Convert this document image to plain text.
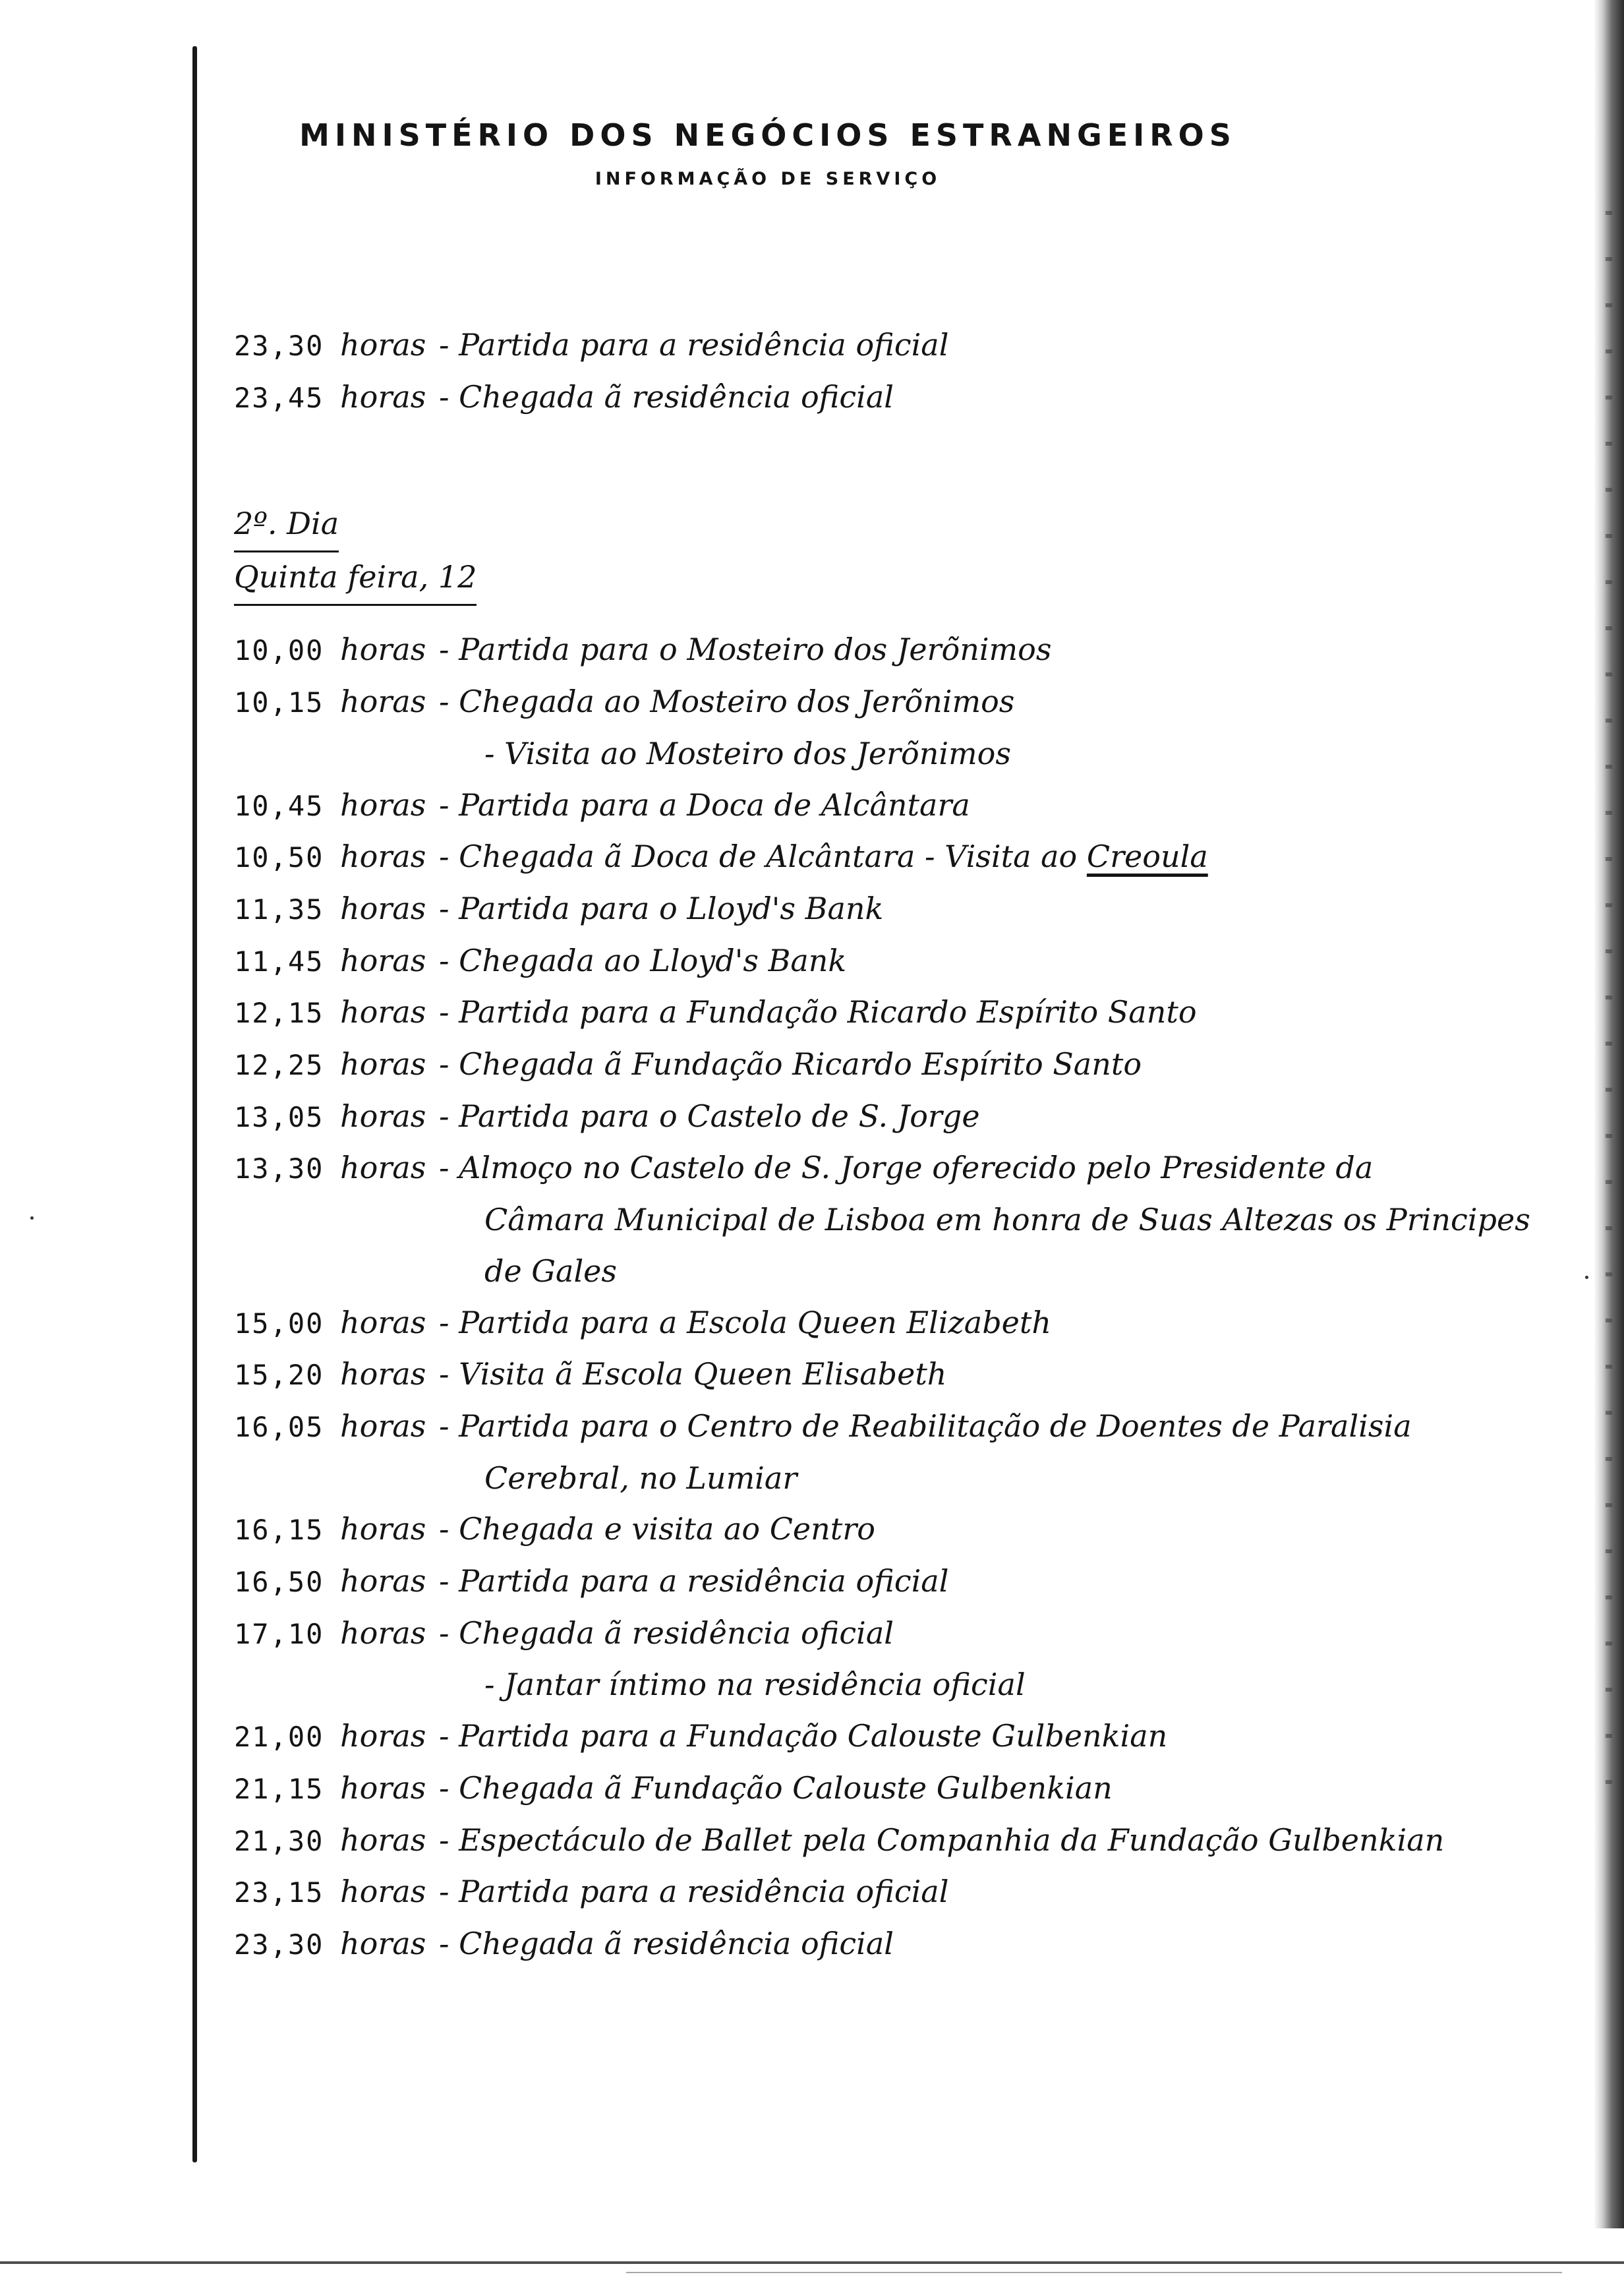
MINISTÉRIO DOS NEGÓCIOS ESTRANGEIROS
INFORMAÇÃO DE SERVIÇO
23,30 horas - Partida para a residência oficial
23,45 horas - Chegada ã residência oficial
2º. Dia
Quinta feira, 12
10,00 horas - Partida para o Mosteiro dos Jerõnimos
10,15 horas - Chegada ao Mosteiro dos Jerõnimos
- Visita ao Mosteiro dos Jerõnimos
10,45 horas - Partida para a Doca de Alcântara
10,50 horas - Chegada ã Doca de Alcântara - Visita ao Creoula
11,35 horas - Partida para o Lloyd's Bank
11,45 horas - Chegada ao Lloyd's Bank
12,15 horas - Partida para a Fundação Ricardo Espírito Santo
12,25 horas - Chegada ã Fundação Ricardo Espírito Santo
13,05 horas - Partida para o Castelo de S. Jorge
13,30 horas - Almoço no Castelo de S. Jorge oferecido pelo Presidente da
Câmara Municipal de Lisboa em honra de Suas Altezas os Principes
de Gales
15,00 horas - Partida para a Escola Queen Elizabeth
15,20 horas - Visita ã Escola Queen Elisabeth
16,05 horas - Partida para o Centro de Reabilitação de Doentes de Paralisia
Cerebral, no Lumiar
16,15 horas - Chegada e visita ao Centro
16,50 horas - Partida para a residência oficial
17,10 horas - Chegada ã residência oficial
- Jantar íntimo na residência oficial
21,00 horas - Partida para a Fundação Calouste Gulbenkian
21,15 horas - Chegada ã Fundação Calouste Gulbenkian
21,30 horas - Espectáculo de Ballet pela Companhia da Fundação Gulbenkian
23,15 horas - Partida para a residência oficial
23,30 horas - Chegada ã residência oficial
